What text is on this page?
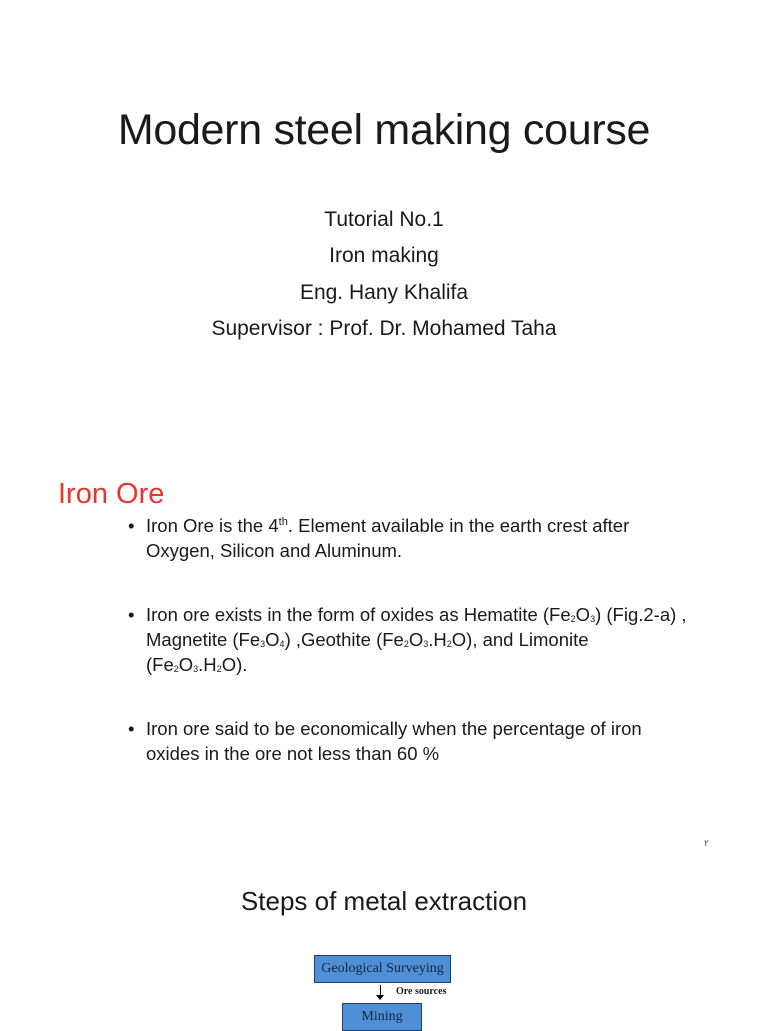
Modern steel making course
Tutorial No.1
Iron making
Eng. Hany Khalifa
Supervisor : Prof. Dr. Mohamed Taha
Iron Ore
• Iron Ore is the 4th. Element available in the earth crest after Oxygen, Silicon and Aluminum.
• Iron ore exists in the form of oxides as Hematite $(Fe_2O_3)$ (Fig.2-a) , Magnetite $(Fe_3O_4)$ ,Geothite $(Fe_2O_3.H_2O)$, and Limonite $(Fe_2O_3.H_2O)$.
• Iron ore said to be economically when the percentage of iron oxides in the ore not less than 60 %
٢
Steps of metal extraction
Geological Surveying
Ore sources
Mining
